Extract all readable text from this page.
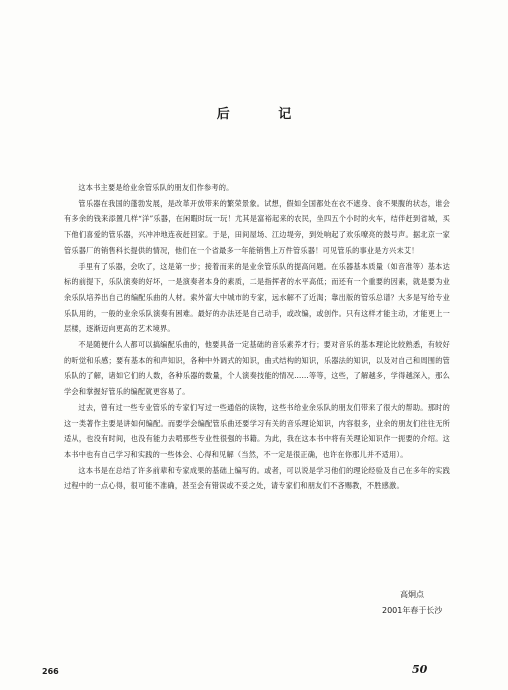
后 记

这本书主要是给业余管乐队的朋友们作参考的。

管乐器在我国的蓬勃发展，是改革开放带来的繁荣景象。试想，假如全国都处在衣不遮身、食不果腹的状态，谁会有多余的钱来添置几样“洋”乐器，在闲暇时玩一玩！尤其是富裕起来的农民，坐四五个小时的火车，结伴赶到省城，买下他们喜爱的管乐器，兴冲冲地连夜赶回家。于是，田间屋场、江边堤旁，到处响起了欢乐嘹亮的鼓号声。据北京一家管乐器厂的销售科长提供的情况，他们在一个省最多一年能销售上万件管乐器！可见管乐的事业是方兴未艾！

手里有了乐器，会吹了，这是第一步；接着而来的是业余管乐队的提高问题。在乐器基本质量（如音准等）基本达标的前提下，乐队演奏的好坏，一是演奏者本身的素质，二是指挥者的水平高低；而还有一个重要的因素，就是要为业余乐队培养出自己的编配乐曲的人材。索外富大中城市的专家，远水解不了近渴；靠出版的管乐总谱？大多是写给专业乐队用的，一般的业余乐队演奏有困难。最好的办法还是自己动手，或改编，或创作。只有这样才能主动，才能更上一层楼，逐渐迈向更高的艺术境界。

不是随便什么人都可以搞编配乐曲的，他要具备一定基础的音乐素养才行；要对音乐的基本理论比较熟悉，有较好的听觉和乐感；要有基本的和声知识，各种中外调式的知识，曲式结构的知识，乐器法的知识，以及对自己和周围的管乐队的了解，诸如它们的人数，各种乐器的数量，个人演奏技能的情况……等等，这些，了解越多，学得越深入，那么学会和掌握好管乐的编配就更容易了。

过去，曾有过一些专业管乐的专家们写过一些通俗的读物，这些书给业余乐队的朋友们带来了很大的帮助。那时的这一类著作主要是讲如何编配。而要学会编配管乐曲还要学习有关的音乐理论知识，内容很多，业余的朋友们往往无所适从，也没有时间，也没有能力去啃那些专业性很强的书籍。为此，我在这本书中将有关理论知识作一扼要的介绍。这本书中也有自己学习和实践的一些体会、心得和见解（当然，不一定是很正确，也许在你那儿并不适用）。

这本书是在总结了许多前辈和专家成果的基础上编写的。或者，可以说是学习他们的理论经验及自己在多年的实践过程中的一点心得，很可能不准确，甚至会有错误或不妥之处，请专家们和朋友们不吝赐教，不胜感激。

高炯点
2001年春于长沙
266	50
